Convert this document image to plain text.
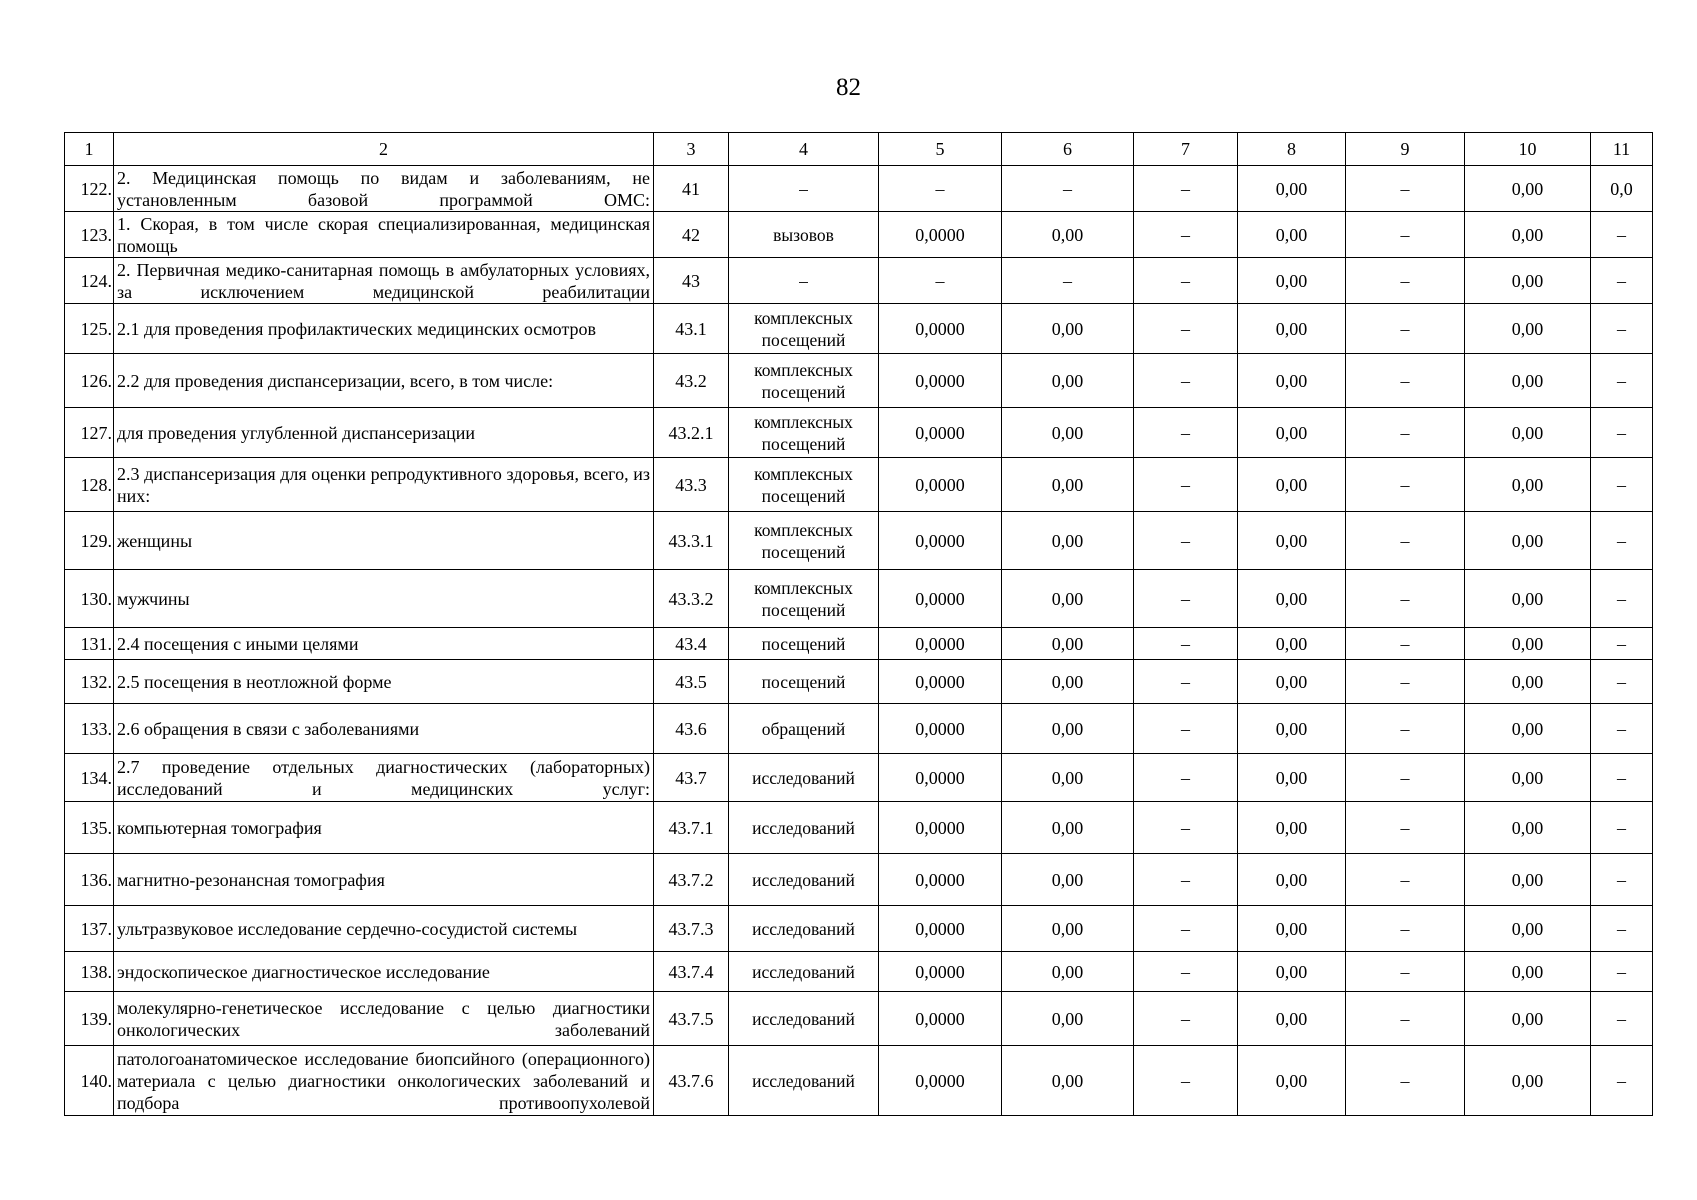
82
1	2	3	4	5	6	7	8	9	10	11
122.	2. Медицинская помощь по видам и заболеваниям, не установленным базовой программой ОМС:	41	–	–	–	–	0,00	–	0,00	0,0
123.	1. Скорая, в том числе скорая специализированная, медицинская помощь	42	вызовов	0,0000	0,00	–	0,00	–	0,00	–
124.	2. Первичная медико-санитарная помощь в амбулаторных условиях, за исключением медицинской реабилитации	43	–	–	–	–	0,00	–	0,00	–
125.	2.1 для проведения профилактических медицинских осмотров	43.1	комплексных посещений	0,0000	0,00	–	0,00	–	0,00	–
126.	2.2 для проведения диспансеризации, всего, в том числе:	43.2	комплексных посещений	0,0000	0,00	–	0,00	–	0,00	–
127.	для проведения углубленной диспансеризации	43.2.1	комплексных посещений	0,0000	0,00	–	0,00	–	0,00	–
128.	2.3 диспансеризация для оценки репродуктивного здоровья, всего, из них:	43.3	комплексных посещений	0,0000	0,00	–	0,00	–	0,00	–
129.	женщины	43.3.1	комплексных посещений	0,0000	0,00	–	0,00	–	0,00	–
130.	мужчины	43.3.2	комплексных посещений	0,0000	0,00	–	0,00	–	0,00	–
131.	2.4 посещения с иными целями	43.4	посещений	0,0000	0,00	–	0,00	–	0,00	–
132.	2.5 посещения в неотложной форме	43.5	посещений	0,0000	0,00	–	0,00	–	0,00	–
133.	2.6 обращения в связи с заболеваниями	43.6	обращений	0,0000	0,00	–	0,00	–	0,00	–
134.	2.7 проведение отдельных диагностических (лабораторных) исследований и медицинских услуг:	43.7	исследований	0,0000	0,00	–	0,00	–	0,00	–
135.	компьютерная томография	43.7.1	исследований	0,0000	0,00	–	0,00	–	0,00	–
136.	магнитно-резонансная томография	43.7.2	исследований	0,0000	0,00	–	0,00	–	0,00	–
137.	ультразвуковое исследование сердечно-сосудистой системы	43.7.3	исследований	0,0000	0,00	–	0,00	–	0,00	–
138.	эндоскопическое диагностическое исследование	43.7.4	исследований	0,0000	0,00	–	0,00	–	0,00	–
139.	молекулярно-генетическое исследование с целью диагностики онкологических заболеваний	43.7.5	исследований	0,0000	0,00	–	0,00	–	0,00	–
140.	патологоанатомическое исследование биопсийного (операционного) материала с целью диагностики онкологических заболеваний и подбора противоопухолевой	43.7.6	исследований	0,0000	0,00	–	0,00	–	0,00	–
